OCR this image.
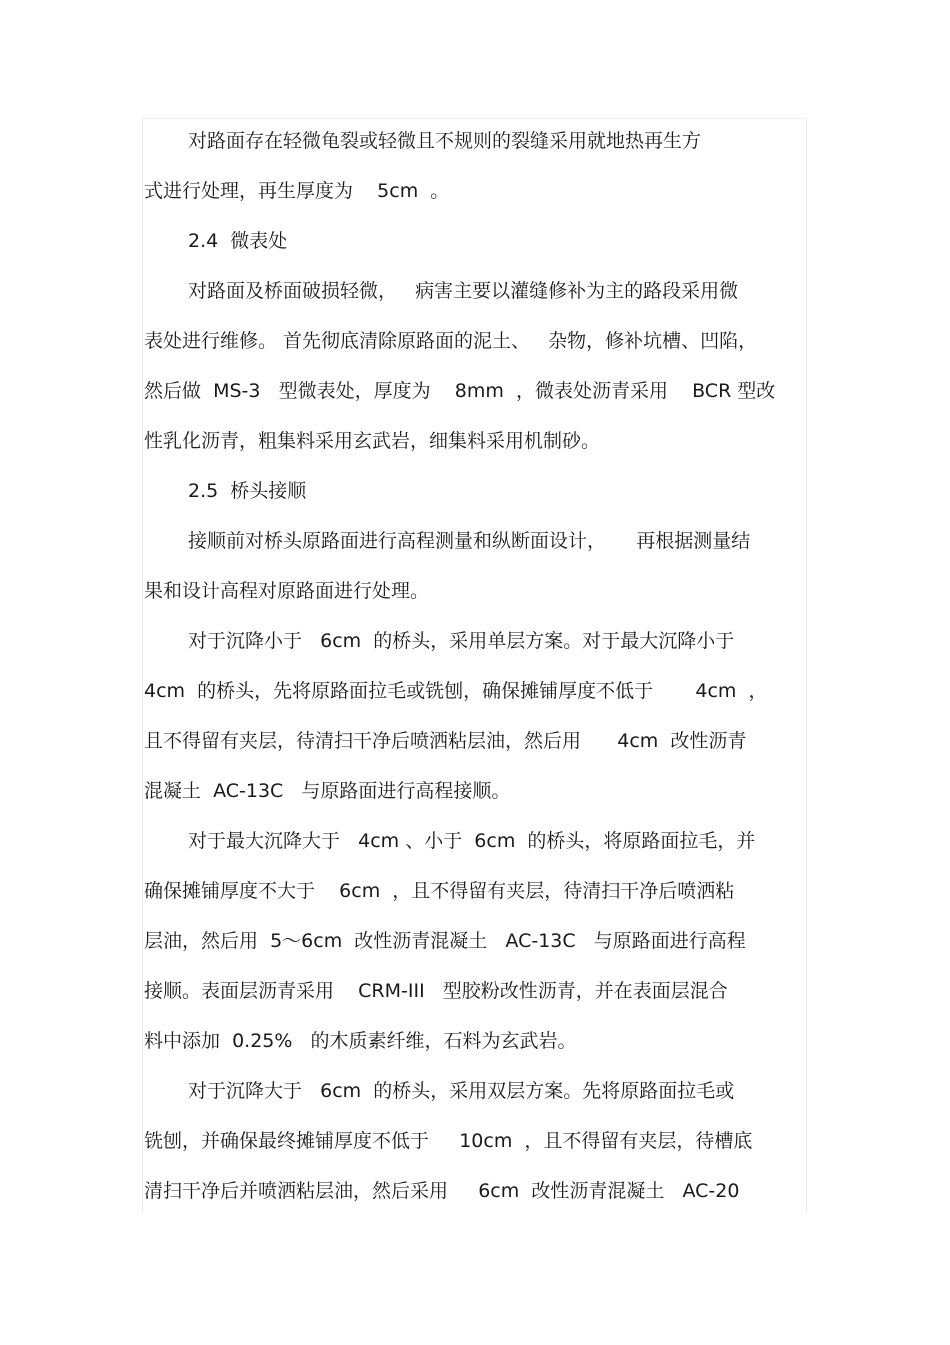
对路面存在轻微龟裂或轻微且不规则的裂缝采用就地热再生方
式进行处理，再生厚度为    5cm  。
2.4  微表处
对路面及桥面破损轻微，   病害主要以灌缝修补为主的路段采用微
表处进行维修。 首先彻底清除原路面的泥土、   杂物，修补坑槽、凹陷，
然后做  MS-3   型微表处，厚度为    8mm  ，微表处沥青采用    BCR 型改
性乳化沥青，粗集料采用玄武岩，细集料采用机制砂。
2.5  桥头接顺
接顺前对桥头原路面进行高程测量和纵断面设计，     再根据测量结
果和设计高程对原路面进行处理。
对于沉降小于   6cm  的桥头，采用单层方案。对于最大沉降小于
4cm  的桥头，先将原路面拉毛或铣刨，确保摊铺厚度不低于       4cm  ，
且不得留有夹层，待清扫干净后喷洒粘层油，然后用      4cm  改性沥青
混凝土  AC-13C   与原路面进行高程接顺。
对于最大沉降大于   4cm 、小于  6cm  的桥头，将原路面拉毛，并
确保摊铺厚度不大于    6cm  ，且不得留有夹层，待清扫干净后喷洒粘
层油，然后用  5～6cm  改性沥青混凝土   AC-13C   与原路面进行高程
接顺。表面层沥青采用    CRM-III   型胶粉改性沥青，并在表面层混合
料中添加  0.25%   的木质素纤维，石料为玄武岩。
对于沉降大于   6cm  的桥头，采用双层方案。先将原路面拉毛或
铣刨，并确保最终摊铺厚度不低于     10cm  ，且不得留有夹层，待槽底
清扫干净后并喷洒粘层油，然后采用     6cm  改性沥青混凝土   AC-20
